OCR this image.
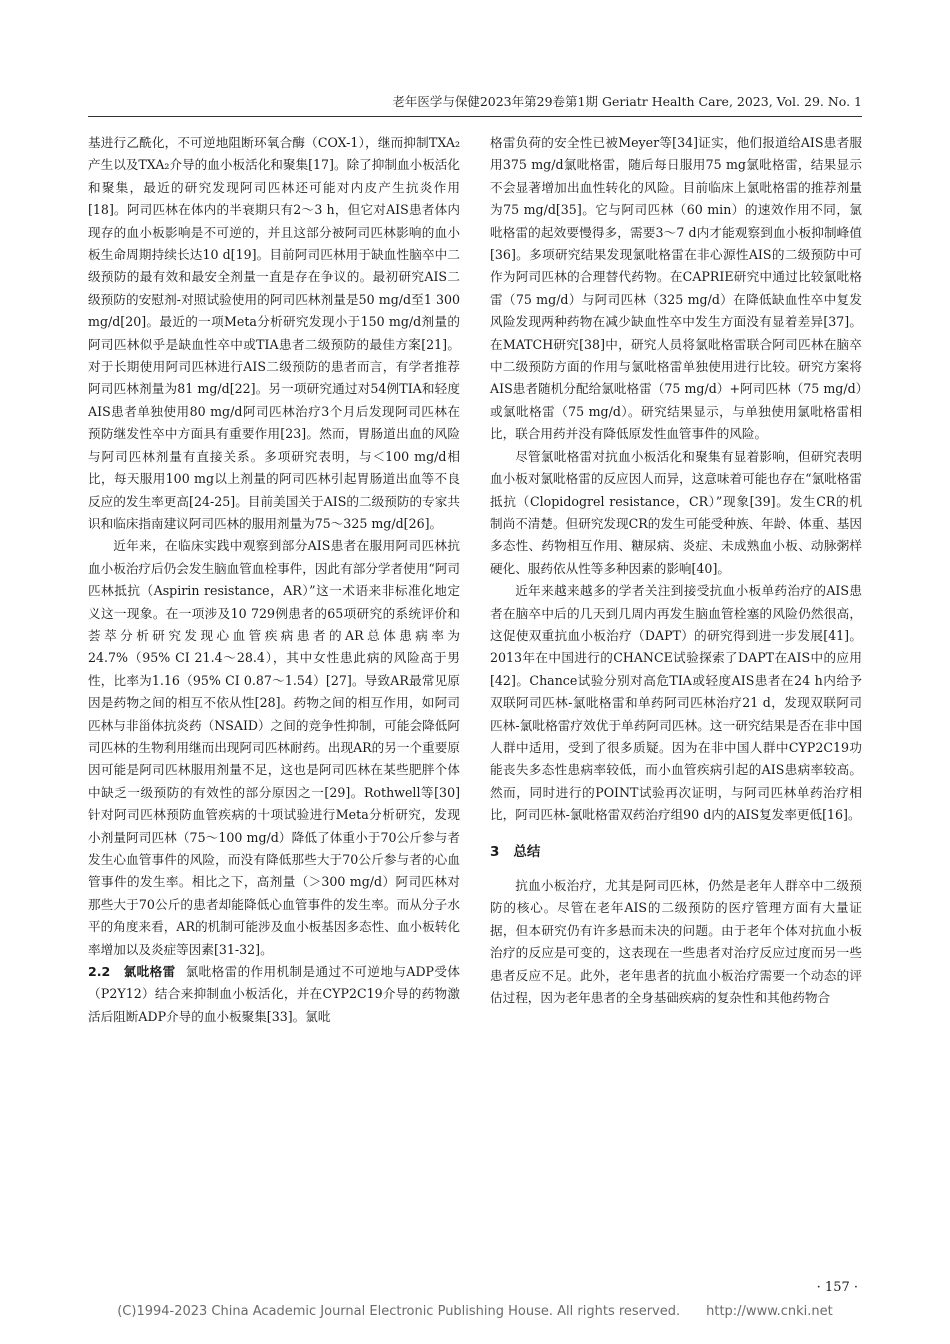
老年医学与保健2023年第29卷第1期 Geriatr Health Care, 2023, Vol. 29. No. 1

基进行乙酰化，不可逆地阻断环氧合酶（COX-1），继而抑制TXA₂产生以及TXA₂介导的血小板活化和聚集[17]。除了抑制血小板活化和聚集，最近的研究发现阿司匹林还可能对内皮产生抗炎作用[18]。阿司匹林在体内的半衰期只有2～3 h，但它对AIS患者体内现存的血小板影响是不可逆的，并且这部分被阿司匹林影响的血小板生命周期持续长达10 d[19]。目前阿司匹林用于缺血性脑卒中二级预防的最有效和最安全剂量一直是存在争议的。最初研究AIS二级预防的安慰剂-对照试验使用的阿司匹林剂量是50 mg/d至1 300 mg/d[20]。最近的一项Meta分析研究发现小于150 mg/d剂量的阿司匹林似乎是缺血性卒中或TIA患者二级预防的最佳方案[21]。对于长期使用阿司匹林进行AIS二级预防的患者而言，有学者推荐阿司匹林剂量为81 mg/d[22]。另一项研究通过对54例TIA和轻度AIS患者单独使用80 mg/d阿司匹林治疗3个月后发现阿司匹林在预防继发性卒中方面具有重要作用[23]。然而，胃肠道出血的风险与阿司匹林剂量有直接关系。多项研究表明，与＜100 mg/d相比，每天服用100 mg以上剂量的阿司匹林引起胃肠道出血等不良反应的发生率更高[24-25]。目前美国关于AIS的二级预防的专家共识和临床指南建议阿司匹林的服用剂量为75～325 mg/d[26]。

近年来，在临床实践中观察到部分AIS患者在服用阿司匹林抗血小板治疗后仍会发生脑血管血栓事件，因此有部分学者使用“阿司匹林抵抗（Aspirin resistance，AR）”这一术语来非标准化地定义这一现象。在一项涉及10 729例患者的65项研究的系统评价和荟萃分析研究发现心血管疾病患者的AR总体患病率为24.7%（95% CI 21.4～28.4），其中女性患此病的风险高于男性，比率为1.16（95% CI 0.87～1.54）[27]。导致AR最常见原因是药物之间的相互不依从性[28]。药物之间的相互作用，如阿司匹林与非甾体抗炎药（NSAID）之间的竞争性抑制，可能会降低阿司匹林的生物利用继而出现阿司匹林耐药。出现AR的另一个重要原因可能是阿司匹林服用剂量不足，这也是阿司匹林在某些肥胖个体中缺乏一级预防的有效性的部分原因之一[29]。Rothwell等[30]针对阿司匹林预防血管疾病的十项试验进行Meta分析研究，发现小剂量阿司匹林（75～100 mg/d）降低了体重小于70公斤参与者发生心血管事件的风险，而没有降低那些大于70公斤参与者的心血管事件的发生率。相比之下，高剂量（＞300 mg/d）阿司匹林对那些大于70公斤的患者却能降低心血管事件的发生率。而从分子水平的角度来看，AR的机制可能涉及血小板基因多态性、血小板转化率增加以及炎症等因素[31-32]。

2.2　氯吡格雷 氯吡格雷的作用机制是通过不可逆地与ADP受体（P2Y12）结合来抑制血小板活化，并在CYP2C19介导的药物激活后阻断ADP介导的血小板聚集[33]。氯吡

格雷负荷的安全性已被Meyer等[34]证实，他们报道给AIS患者服用375 mg/d氯吡格雷，随后每日服用75 mg氯吡格雷，结果显示不会显著增加出血性转化的风险。目前临床上氯吡格雷的推荐剂量为75 mg/d[35]。它与阿司匹林（60 min）的速效作用不同，氯吡格雷的起效要慢得多，需要3～7 d内才能观察到血小板抑制峰值[36]。多项研究结果发现氯吡格雷在非心源性AIS的二级预防中可作为阿司匹林的合理替代药物。在CAPRIE研究中通过比较氯吡格雷（75 mg/d）与阿司匹林（325 mg/d）在降低缺血性卒中复发风险发现两种药物在减少缺血性卒中发生方面没有显着差异[37]。在MATCH研究[38]中，研究人员将氯吡格雷联合阿司匹林在脑卒中二级预防方面的作用与氯吡格雷单独使用进行比较。研究方案将AIS患者随机分配给氯吡格雷（75 mg/d）+阿司匹林（75 mg/d）或氯吡格雷（75 mg/d）。研究结果显示，与单独使用氯吡格雷相比，联合用药并没有降低原发性血管事件的风险。

尽管氯吡格雷对抗血小板活化和聚集有显着影响，但研究表明血小板对氯吡格雷的反应因人而异，这意味着可能也存在“氯吡格雷抵抗（Clopidogrel resistance，CR）”现象[39]。发生CR的机制尚不清楚。但研究发现CR的发生可能受种族、年龄、体重、基因多态性、药物相互作用、糖尿病、炎症、未成熟血小板、动脉粥样硬化、服药依从性等多种因素的影响[40]。

近年来越来越多的学者关注到接受抗血小板单药治疗的AIS患者在脑卒中后的几天到几周内再发生脑血管栓塞的风险仍然很高，这促使双重抗血小板治疗（DAPT）的研究得到进一步发展[41]。2013年在中国进行的CHANCE试验探索了DAPT在AIS中的应用[42]。Chance试验分别对高危TIA或轻度AIS患者在24 h内给予双联阿司匹林-氯吡格雷和单药阿司匹林治疗21 d，发现双联阿司匹林-氯吡格雷疗效优于单药阿司匹林。这一研究结果是否在非中国人群中适用，受到了很多质疑。因为在非中国人群中CYP2C19功能丧失多态性患病率较低，而小血管疾病引起的AIS患病率较高。然而，同时进行的POINT试验再次证明，与阿司匹林单药治疗相比，阿司匹林-氯吡格雷双药治疗组90 d内的AIS复发率更低[16]。

3 总结

抗血小板治疗，尤其是阿司匹林，仍然是老年人群卒中二级预防的核心。尽管在老年AIS的二级预防的医疗管理方面有大量证据，但本研究仍有许多悬而未决的问题。由于老年个体对抗血小板治疗的反应是可变的，这表现在一些患者对治疗反应过度而另一些患者反应不足。此外，老年患者的抗血小板治疗需要一个动态的评估过程，因为老年患者的全身基础疾病的复杂性和其他药物合

· 157 ·
(C)1994-2023 China Academic Journal Electronic Publishing House. All rights reserved.　　http://www.cnki.net
